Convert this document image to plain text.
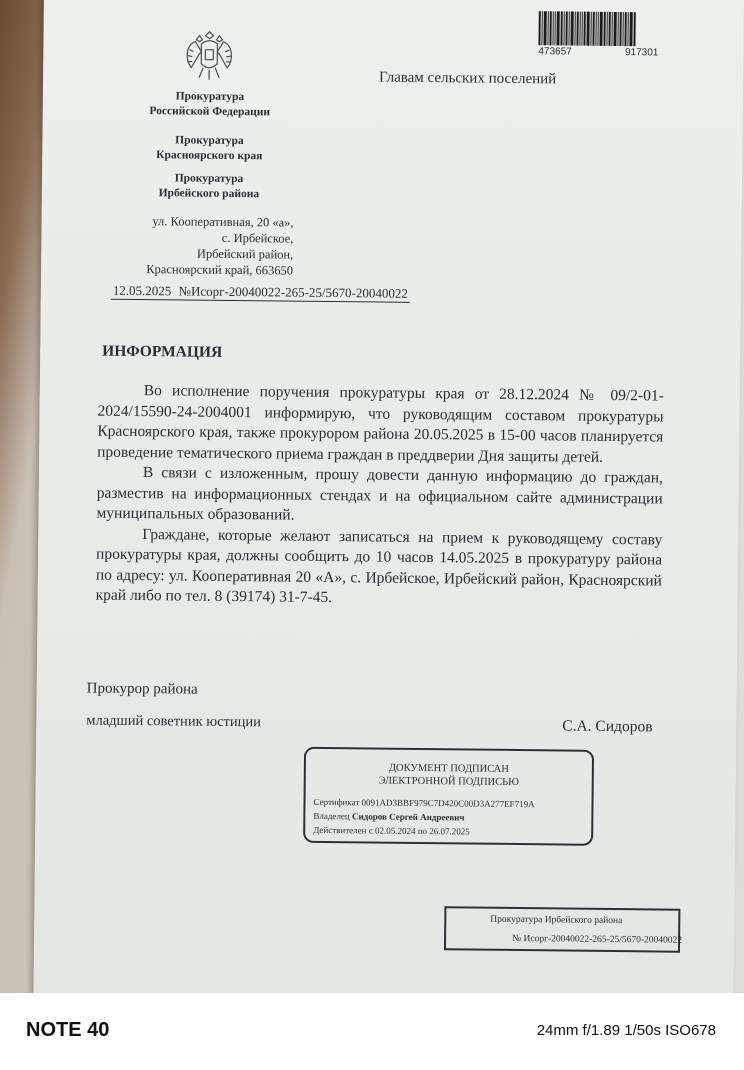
473657	917301
Прокуратура
Российской Федерации
Прокуратура
Красноярского края
Прокуратура
Ирбейского района
ул. Кооперативная, 20 «а»,
с. Ирбейское,
Ирбейский район,
Красноярский край, 663650
12.05.2025 №Исорг-20040022-265-25/5670-20040022
Главам сельских поселений
ИНФОРМАЦИЯ

Во исполнение поручения прокуратуры края от 28.12.2024 № 09/2-01-2024/15590-24-2004001 информирую, что руководящим составом прокуратуры Красноярского края, также прокурором района 20.05.2025 в 15-00 часов планируется проведение тематического приема граждан в преддверии Дня защиты детей.

В связи с изложенным, прошу довести данную информацию до граждан, разместив на информационных стендах и на официальном сайте администрации муниципальных образований.

Граждане, которые желают записаться на прием к руководящему составу прокуратуры края, должны сообщить до 10 часов 14.05.2025 в прокуратуру района по адресу: ул. Кооперативная 20 «А», с. Ирбейское, Ирбейский район, Красноярский край либо по тел. 8 (39174) 31-7-45.

Прокурор района
младший советник юстиции	С.А. Сидоров
ДОКУМЕНТ ПОДПИСАН
ЭЛЕКТРОННОЙ ПОДПИСЬЮ
Сертификат 0091AD3BBF979C7D420C00D3A277EF719A
Владелец Сидоров Сергей Андреевич
Действителен с 02.05.2024 по 26.07.2025
Прокуратура Ирбейского района
№ Исорг-20040022-265-25/5670-20040022
NOTE 40	24mm f/1.89 1/50s ISO678
